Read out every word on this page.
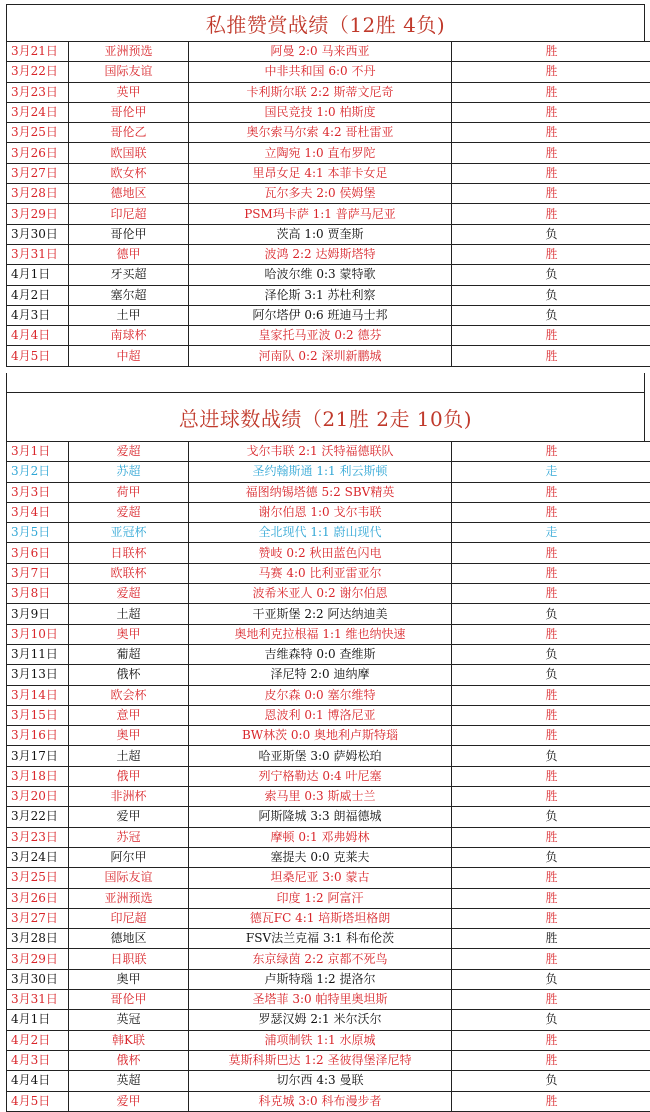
私推赞赏战绩（12胜 4负)
3月21日	亚洲预选	阿曼 2:0 马来西亚	胜
3月22日	国际友谊	中非共和国 6:0 不丹	胜
3月23日	英甲	卡利斯尔联 2:2 斯蒂文尼奇	胜
3月24日	哥伦甲	国民竞技 1:0 柏斯度	胜
3月25日	哥伦乙	奥尔索马尔索 4:2 哥杜雷亚	胜
3月26日	欧国联	立陶宛 1:0 直布罗陀	胜
3月27日	欧女杯	里昂女足 4:1 本菲卡女足	胜
3月28日	德地区	瓦尔多夫 2:0 侯姆堡	胜
3月29日	印尼超	PSM玛卡萨 1:1 普萨马尼亚	胜
3月30日	哥伦甲	茨高 1:0 贾奎斯	负
3月31日	德甲	波鸿 2:2 达姆斯塔特	胜
4月1日	牙买超	哈波尔维 0:3 蒙特歌	负
4月2日	塞尔超	泽伦斯 3:1 苏杜利察	负
4月3日	土甲	阿尔塔伊 0:6 班迪马士邦	负
4月4日	南球杯	皇家托马亚波 0:2 德芬	胜
4月5日	中超	河南队 0:2 深圳新鹏城	胜
总进球数战绩（21胜 2走 10负)
3月1日	爱超	戈尔韦联 2:1 沃特福德联队	胜
3月2日	苏超	圣约翰斯通 1:1 利云斯顿	走
3月3日	荷甲	福图纳锡塔德 5:2 SBV精英	胜
3月4日	爱超	谢尔伯恩 1:0 戈尔韦联	胜
3月5日	亚冠杯	全北现代 1:1 蔚山现代	走
3月6日	日联杯	赞岐 0:2 秋田蓝色闪电	胜
3月7日	欧联杯	马赛 4:0 比利亚雷亚尔	胜
3月8日	爱超	波希米亚人 0:2 谢尔伯恩	胜
3月9日	土超	干亚斯堡 2:2 阿达纳迪美	负
3月10日	奥甲	奥地利克拉根福 1:1 维也纳快速	胜
3月11日	葡超	吉维森特 0:0 查维斯	负
3月13日	俄杯	泽尼特 2:0 迪纳摩	负
3月14日	欧会杯	皮尔森 0:0 塞尔维特	胜
3月15日	意甲	恩波利 0:1 博洛尼亚	胜
3月16日	奥甲	BW林茨 0:0 奥地利卢斯特瑙	胜
3月17日	土超	哈亚斯堡 3:0 萨姆松珀	负
3月18日	俄甲	列宁格勒达 0:4 叶尼塞	胜
3月20日	非洲杯	索马里 0:3 斯威士兰	胜
3月22日	爱甲	阿斯隆城 3:3 朗福德城	负
3月23日	苏冠	摩顿 0:1 邓弗姆林	胜
3月24日	阿尔甲	塞提夫 0:0 克莱夫	负
3月25日	国际友谊	坦桑尼亚 3:0 蒙古	胜
3月26日	亚洲预选	印度 1:2 阿富汗	胜
3月27日	印尼超	德瓦FC 4:1 培斯塔坦格朗	胜
3月28日	德地区	FSV法兰克福 3:1 科布伦茨	胜
3月29日	日职联	东京绿茵 2:2 京都不死鸟	胜
3月30日	奥甲	卢斯特瑙 1:2 提洛尔	负
3月31日	哥伦甲	圣塔菲 3:0 帕特里奥坦斯	胜
4月1日	英冠	罗瑟汉姆 2:1 米尔沃尔	负
4月2日	韩K联	浦项制铁 1:1 水原城	胜
4月3日	俄杯	莫斯科斯巴达 1:2 圣彼得堡泽尼特	胜
4月4日	英超	切尔西 4:3 曼联	负
4月5日	爱甲	科克城 3:0 科布漫步者	胜
